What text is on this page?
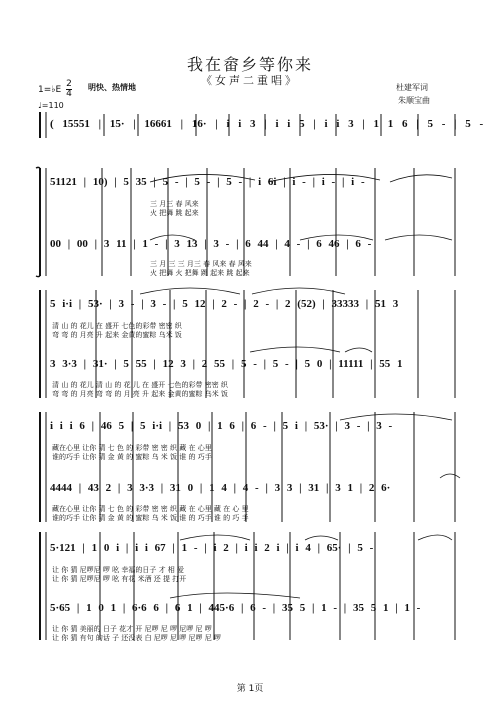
我在畲乡等你来
《女声二重唱》
1=♭E $\frac{2}{4}$ 明快、热情地
♩=110
杜建军词
朱顺宝曲
( 15551 | 15· | 16661 | 16· | i i 3 | i i 5 | i i 3 | 1 1 6 | 5 - | 5 -
51121 | 10) | 5 35 | 5 - | 5 - | 5 - | i 6i | i - | i - | i -
三 月三 春 风来
火 把舞 跳 起来
00 | 00 | 3 11 | 1 - | 3 13 | 3 - | 6 44 | 4 - | 6 46 | 6 -
三 月 三 三 月三 春 风来 春 风来
火 把舞 火 把舞 跳 起来 跳 起来
5 i·i | 53· | 3 - | 3 - | 5 12 | 2 - | 2 - | 2 (52) | 33333 | 51 3
清 山 的 花儿 在 盛开 七色的彩带 密密 织
弯 弯 的 月亮 升 起来 金黄的蜜粽 乌米 饭
3 3·3 | 31· | 5 55 | 12 3 | 2 55 | 5 - | 5 - | 5 0 | 11111 | 55 1
清 山 的 花儿 清 山 的 花 儿 在 盛开 七色的彩带 密密 织
弯 弯 的 月亮 弯 弯 的 月 亮 升 起来 金黄的蜜粽 乌米 饭
i i i 6 | 46 5 | 5 i·i | 53 0 | 1 6 | 6 - | 5 i | 53· | 3 - | 3 -
藏在心里 让你 猜 七 色 的 彩带 密 密 织 藏 在 心里
谁的巧手 让你 猜 金 黄 的 蜜粽 乌 米 饭 谁 的 巧手
4444 | 43 2 | 3 3·3 | 31 0 | 1 4 | 4 - | 3 3 | 31 | 3 1 | 2 6·
藏在心里 让你 猜 七 色 的 彩带 密 密 织 藏 在 心里 藏 在 心 里
谁的巧手 让你 猜 金 黄 的 蜜粽 乌 米 饭 谁 的 巧手 谁 的 巧 手
5·121 | 1 0 i | i i 67 | 1 - | i 2 | i i 2 i | i 4 | 65· | 5 -
让 你 猜 尼啰尼 啰 吆 幸福的日子 才 相 爱
让 你 猜 尼啰尼 啰 吆 有花 米酒 还 提 打开
5·65 | 1 0 1 | 6·6 6 | 6 1 | 445·6 | 6 - | 35 5 | 1 - | 35 5 1 | 1 -
让 你 猜 美丽的 日子 花才 开 尼啰 尼 啰 尼啰 尼 啰
让 你 猜 有句 的话 子 还没表 白 尼啰 尼 啰 尼啰 尼 啰
第 1页
